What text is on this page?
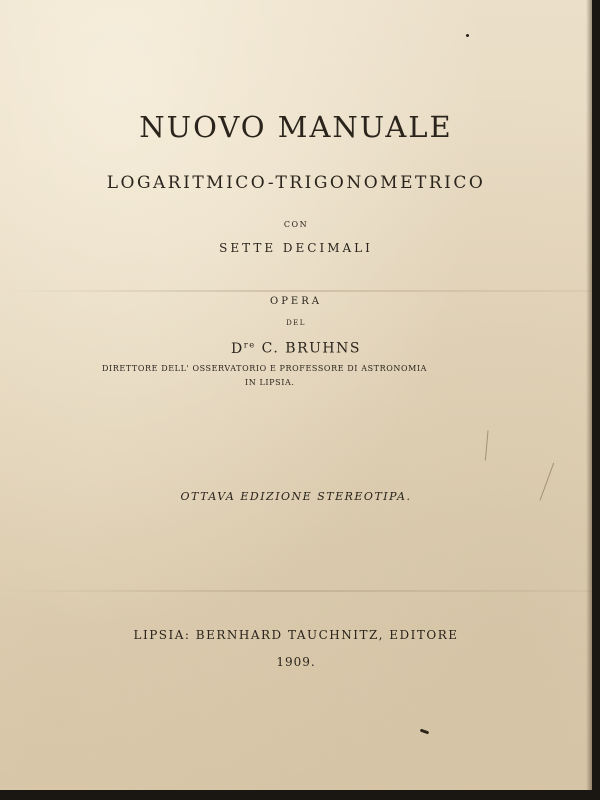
NUOVO MANUALE
LOGARITMICO-TRIGONOMETRICO
CON
SETTE DECIMALI
OPERA
DEL
Dre C. BRUHNS
DIRETTORE DELL' OSSERVATORIO E PROFESSORE DI ASTRONOMIA
IN LIPSIA.
OTTAVA EDIZIONE STEREOTIPA.
LIPSIA: BERNHARD TAUCHNITZ, EDITORE
1909.
